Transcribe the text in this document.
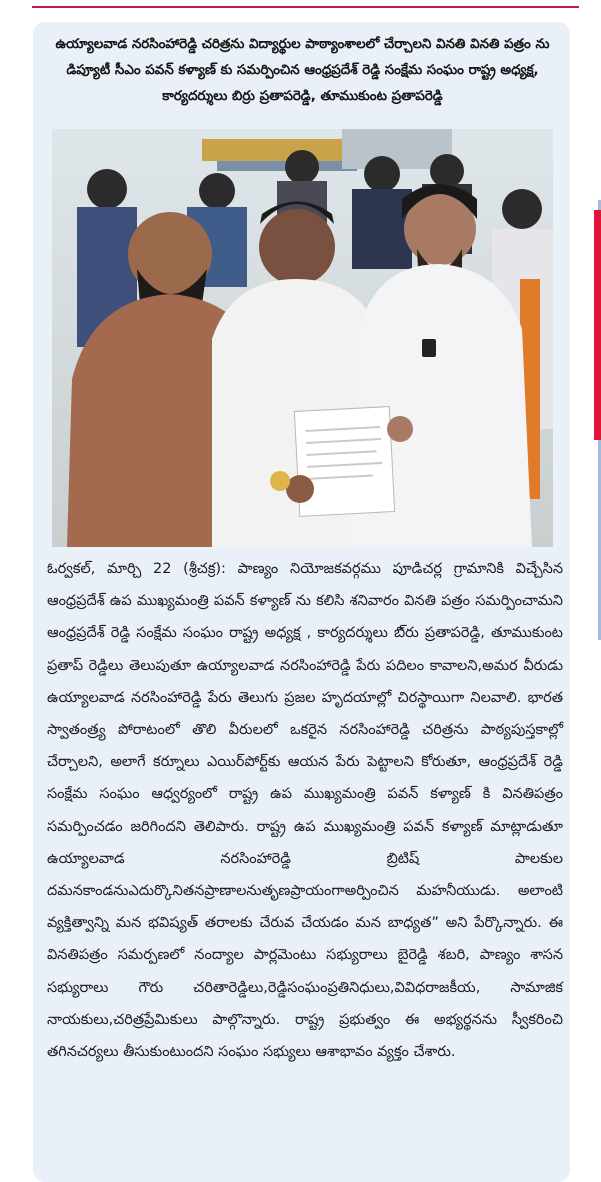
ఉయ్యాలవాడ నరసింహారెడ్డి చరిత్రను విద్యార్థుల పాఠ్యాంశాలలో చేర్చాలని వినతి వినతి పత్రం ను డిప్యూటీ సీఎం పవన్ కళ్యాణ్ కు సమర్పించిన ఆంధ్రప్రదేశ్ రెడ్డి సంక్షేమ సంఘం రాష్ట్ర అధ్యక్ష, కార్యదర్శులు బిర్రు ప్రతాపరెడ్డి, తూముకుంట ప్రతాపరెడ్డి
ఓర్వకల్, మార్చి 22 (శ్రీచక్ర): పాణ్యం నియోజకవర్గము పూడిచర్ల గ్రామానికి విచ్చేసిన ఆంధ్రప్రదేశ్ ఉప ముఖ్యమంత్రి పవన్ కళ్యాణ్ ను కలిసి శనివారం వినతి పత్రం సమర్పించామని ఆంధ్రప్రదేశ్ రెడ్డి సంక్షేమ సంఘం రాష్ట్ర అధ్యక్ష , కార్యదర్శులు బి్రు ప్రతాపరెడ్డి, తూముకుంట ప్రతాప్ రెడ్డిలు తెలుపుతూ ఉయ్యాలవాడ నరసింహారెడ్డి పేరు పదిలం కావాలని,అమర వీరుడు ఉయ్యాలవాడ నరసింహారెడ్డి పేరు తెలుగు ప్రజల హృదయాల్లో చిరస్థాయిగా నిలవాలి. భారత స్వాతంత్ర్య పోరాటంలో తొలి వీరులలో ఒకరైన నరసింహారెడ్డి చరిత్రను పాఠ్యపుస్తకాల్లో చేర్చాలని, అలాగే కర్నూలు ఎయిర్‌పోర్ట్‌కు ఆయన పేరు పెట్టాలని కోరుతూ, ఆంధ్రప్రదేశ్ రెడ్డి సంక్షేమ సంఘం ఆధ్వర్యంలో రాష్ట్ర ఉప ముఖ్యమంత్రి పవన్ కళ్యాణ్ కి వినతిపత్రం సమర్పించడం జరిగిందని తెలిపారు. రాష్ట్ర ఉప ముఖ్యమంత్రి పవన్ కళ్యాణ్ మాట్లాడుతూ ఉయ్యాలవాడ నరసింహారెడ్డి బ్రిటిష్ పాలకుల దమనకాండనుఎదుర్కొనితనప్రాణాలనుతృణప్రాయంగాఅర్పించిన మహనీయుడు. అలాంటి వ్యక్తిత్వాన్ని మన భవిష్యత్ తరాలకు చేరువ చేయడం మన బాధ్యత” అని పేర్కొన్నారు. ఈ వినతిపత్రం సమర్పణలో నంద్యాల పార్లమెంటు సభ్యురాలు బైరెడ్డి శబరి, పాణ్యం శాసన సభ్యురాలు గౌరు చరితారెడ్డిలు,రెడ్డిసంఘంప్రతినిధులు,వివిధరాజకీయ, సామాజిక నాయకులు,చరిత్రప్రేమికులు పాల్గొన్నారు. రాష్ట్ర ప్రభుత్వం ఈ అభ్యర్థనను స్వీకరించి తగినచర్యలు తీసుకుంటుందని సంఘం సభ్యులు ఆశాభావం వ్యక్తం చేశారు.
